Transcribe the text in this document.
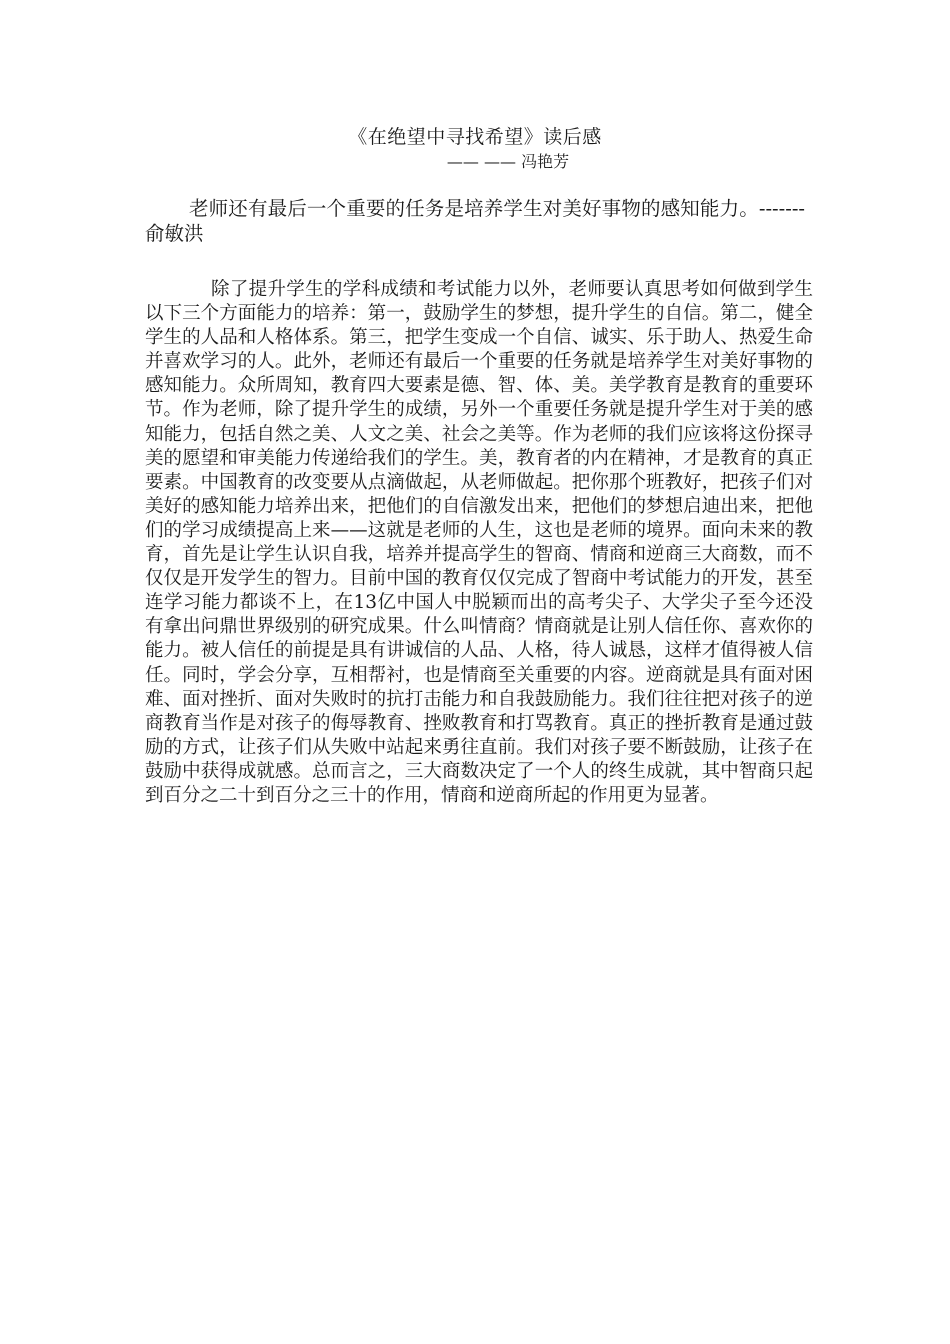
《在绝望中寻找希望》读后感
—— —— 冯艳芳
老师还有最后一个重要的任务是培养学生对美好事物的感知能力。-------俞敏洪
除了提升学生的学科成绩和考试能力以外，老师要认真思考如何做到学生以下三个方面能力的培养：第一，鼓励学生的梦想，提升学生的自信。第二，健全学生的人品和人格体系。第三，把学生变成一个自信、诚实、乐于助人、热爱生命并喜欢学习的人。此外，老师还有最后一个重要的任务就是培养学生对美好事物的感知能力。众所周知，教育四大要素是德、智、体、美。美学教育是教育的重要环节。作为老师，除了提升学生的成绩，另外一个重要任务就是提升学生对于美的感知能力，包括自然之美、人文之美、社会之美等。作为老师的我们应该将这份探寻美的愿望和审美能力传递给我们的学生。美，教育者的内在精神，才是教育的真正要素。中国教育的改变要从点滴做起，从老师做起。把你那个班教好，把孩子们对美好的感知能力培养出来，把他们的自信激发出来，把他们的梦想启迪出来，把他们的学习成绩提高上来——这就是老师的人生，这也是老师的境界。面向未来的教育，首先是让学生认识自我，培养并提高学生的智商、情商和逆商三大商数，而不仅仅是开发学生的智力。目前中国的教育仅仅完成了智商中考试能力的开发，甚至连学习能力都谈不上，在13亿中国人中脱颖而出的高考尖子、大学尖子至今还没有拿出问鼎世界级别的研究成果。什么叫情商？情商就是让别人信任你、喜欢你的能力。被人信任的前提是具有讲诚信的人品、人格，待人诚恳，这样才值得被人信任。同时，学会分享，互相帮衬，也是情商至关重要的内容。逆商就是具有面对困难、面对挫折、面对失败时的抗打击能力和自我鼓励能力。我们往往把对孩子的逆商教育当作是对孩子的侮辱教育、挫败教育和打骂教育。真正的挫折教育是通过鼓励的方式，让孩子们从失败中站起来勇往直前。我们对孩子要不断鼓励，让孩子在鼓励中获得成就感。总而言之，三大商数决定了一个人的终生成就，其中智商只起到百分之二十到百分之三十的作用，情商和逆商所起的作用更为显著。
